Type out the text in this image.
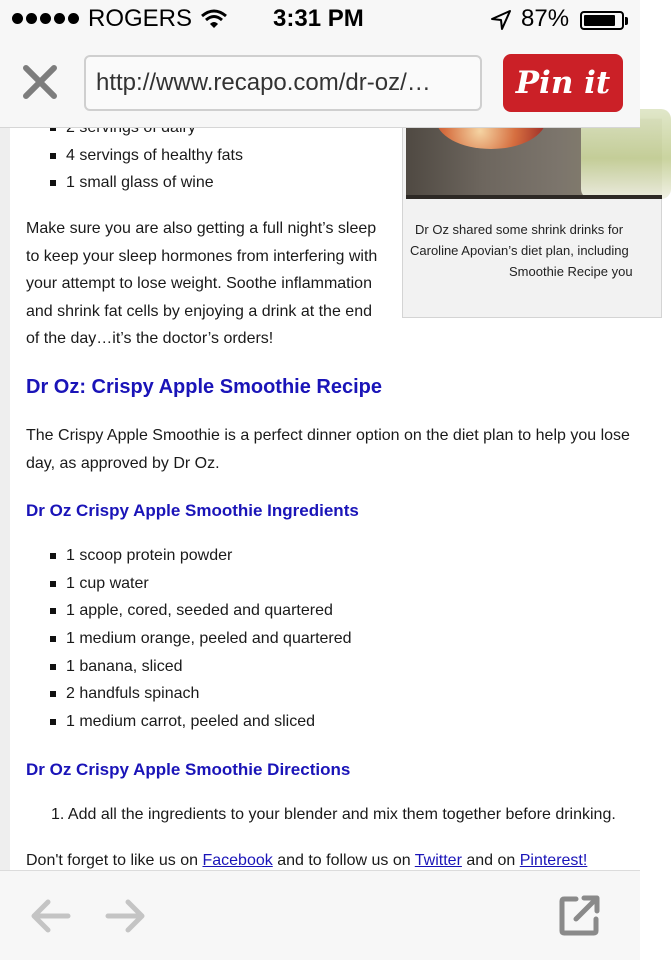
ROGERS	3:31 PM	87%
http://www.recapo.com/dr-oz/…	Pin it
4 servings of healthy fats
1 small glass of wine

Make sure you are also getting a full night’s sleep

to keep your sleep hormones from interfering with

your attempt to lose weight. Soothe inflammation

and shrink fat cells by enjoying a drink at the end

of the day…it’s the doctor’s orders!

Dr Oz shared some shrink drinks for
Caroline Apovian’s diet plan, including
Smoothie Recipe you

Dr Oz: Crispy Apple Smoothie Recipe

The Crispy Apple Smoothie is a perfect dinner option on the diet plan to help you lose

day, as approved by Dr Oz.

Dr Oz Crispy Apple Smoothie Ingredients

1 scoop protein powder
1 cup water
1 apple, cored, seeded and quartered
1 medium orange, peeled and quartered
1 banana, sliced
2 handfuls spinach
1 medium carrot, peeled and sliced

Dr Oz Crispy Apple Smoothie Directions

1. Add all the ingredients to your blender and mix them together before drinking.

Don't forget to like us on Facebook and to follow us on Twitter and on Pinterest!
